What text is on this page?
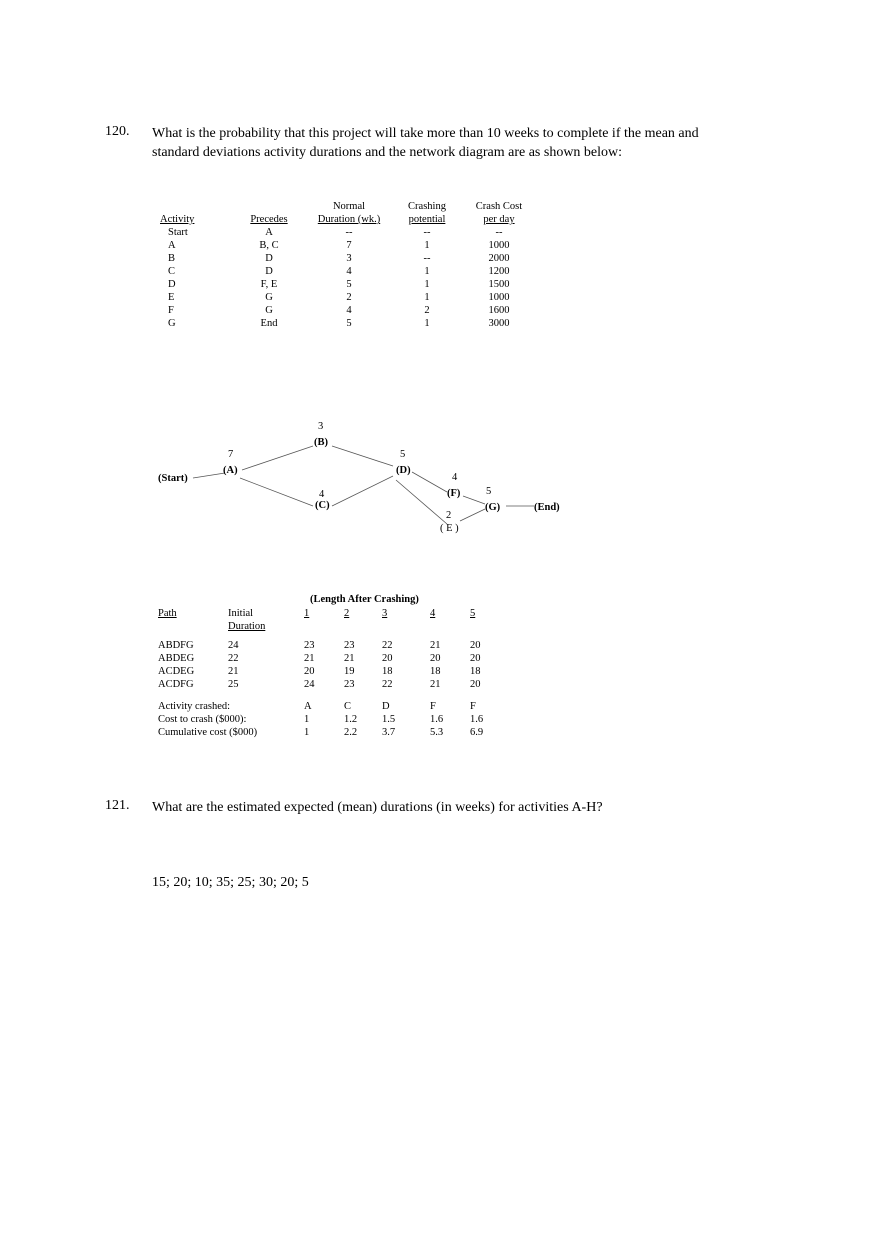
120. What is the probability that this project will take more than 10 weeks to complete if the mean and
standard deviations activity durations and the network diagram are as shown below:
		Normal	Crashing	Crash Cost
Activity	Precedes	Duration (wk.)	potential	per day
Start	A	--	--	--
A	B, C	7	1	1000
B	D	3	--	2000
C	D	4	1	1200
D	F, E	5	1	1500
E	G	2	1	1000
F	G	4	2	1600
G	End	5	1	3000
(Start)
(A)
7
(B)
3
(C)
4
(D)
5
(F)
4
( E )
2
(G)
5
(End)
(Length After Crashing)
Path	Initial	1	2	3	4	5
	Duration					

ABDFG	24	23	23	22	21	20
ABDEG	22	21	21	20	20	20
ACDEG	21	20	19	18	18	18
ACDFG	25	24	23	22	21	20

Activity crashed:		A	C	D	F	F
Cost to crash ($000):		1	1.2	1.5	1.6	1.6
Cumulative cost ($000)		1	2.2	3.7	5.3	6.9
121. What are the estimated expected (mean) durations (in weeks) for activities A-H?
15; 20; 10; 35; 25; 30; 20; 5
